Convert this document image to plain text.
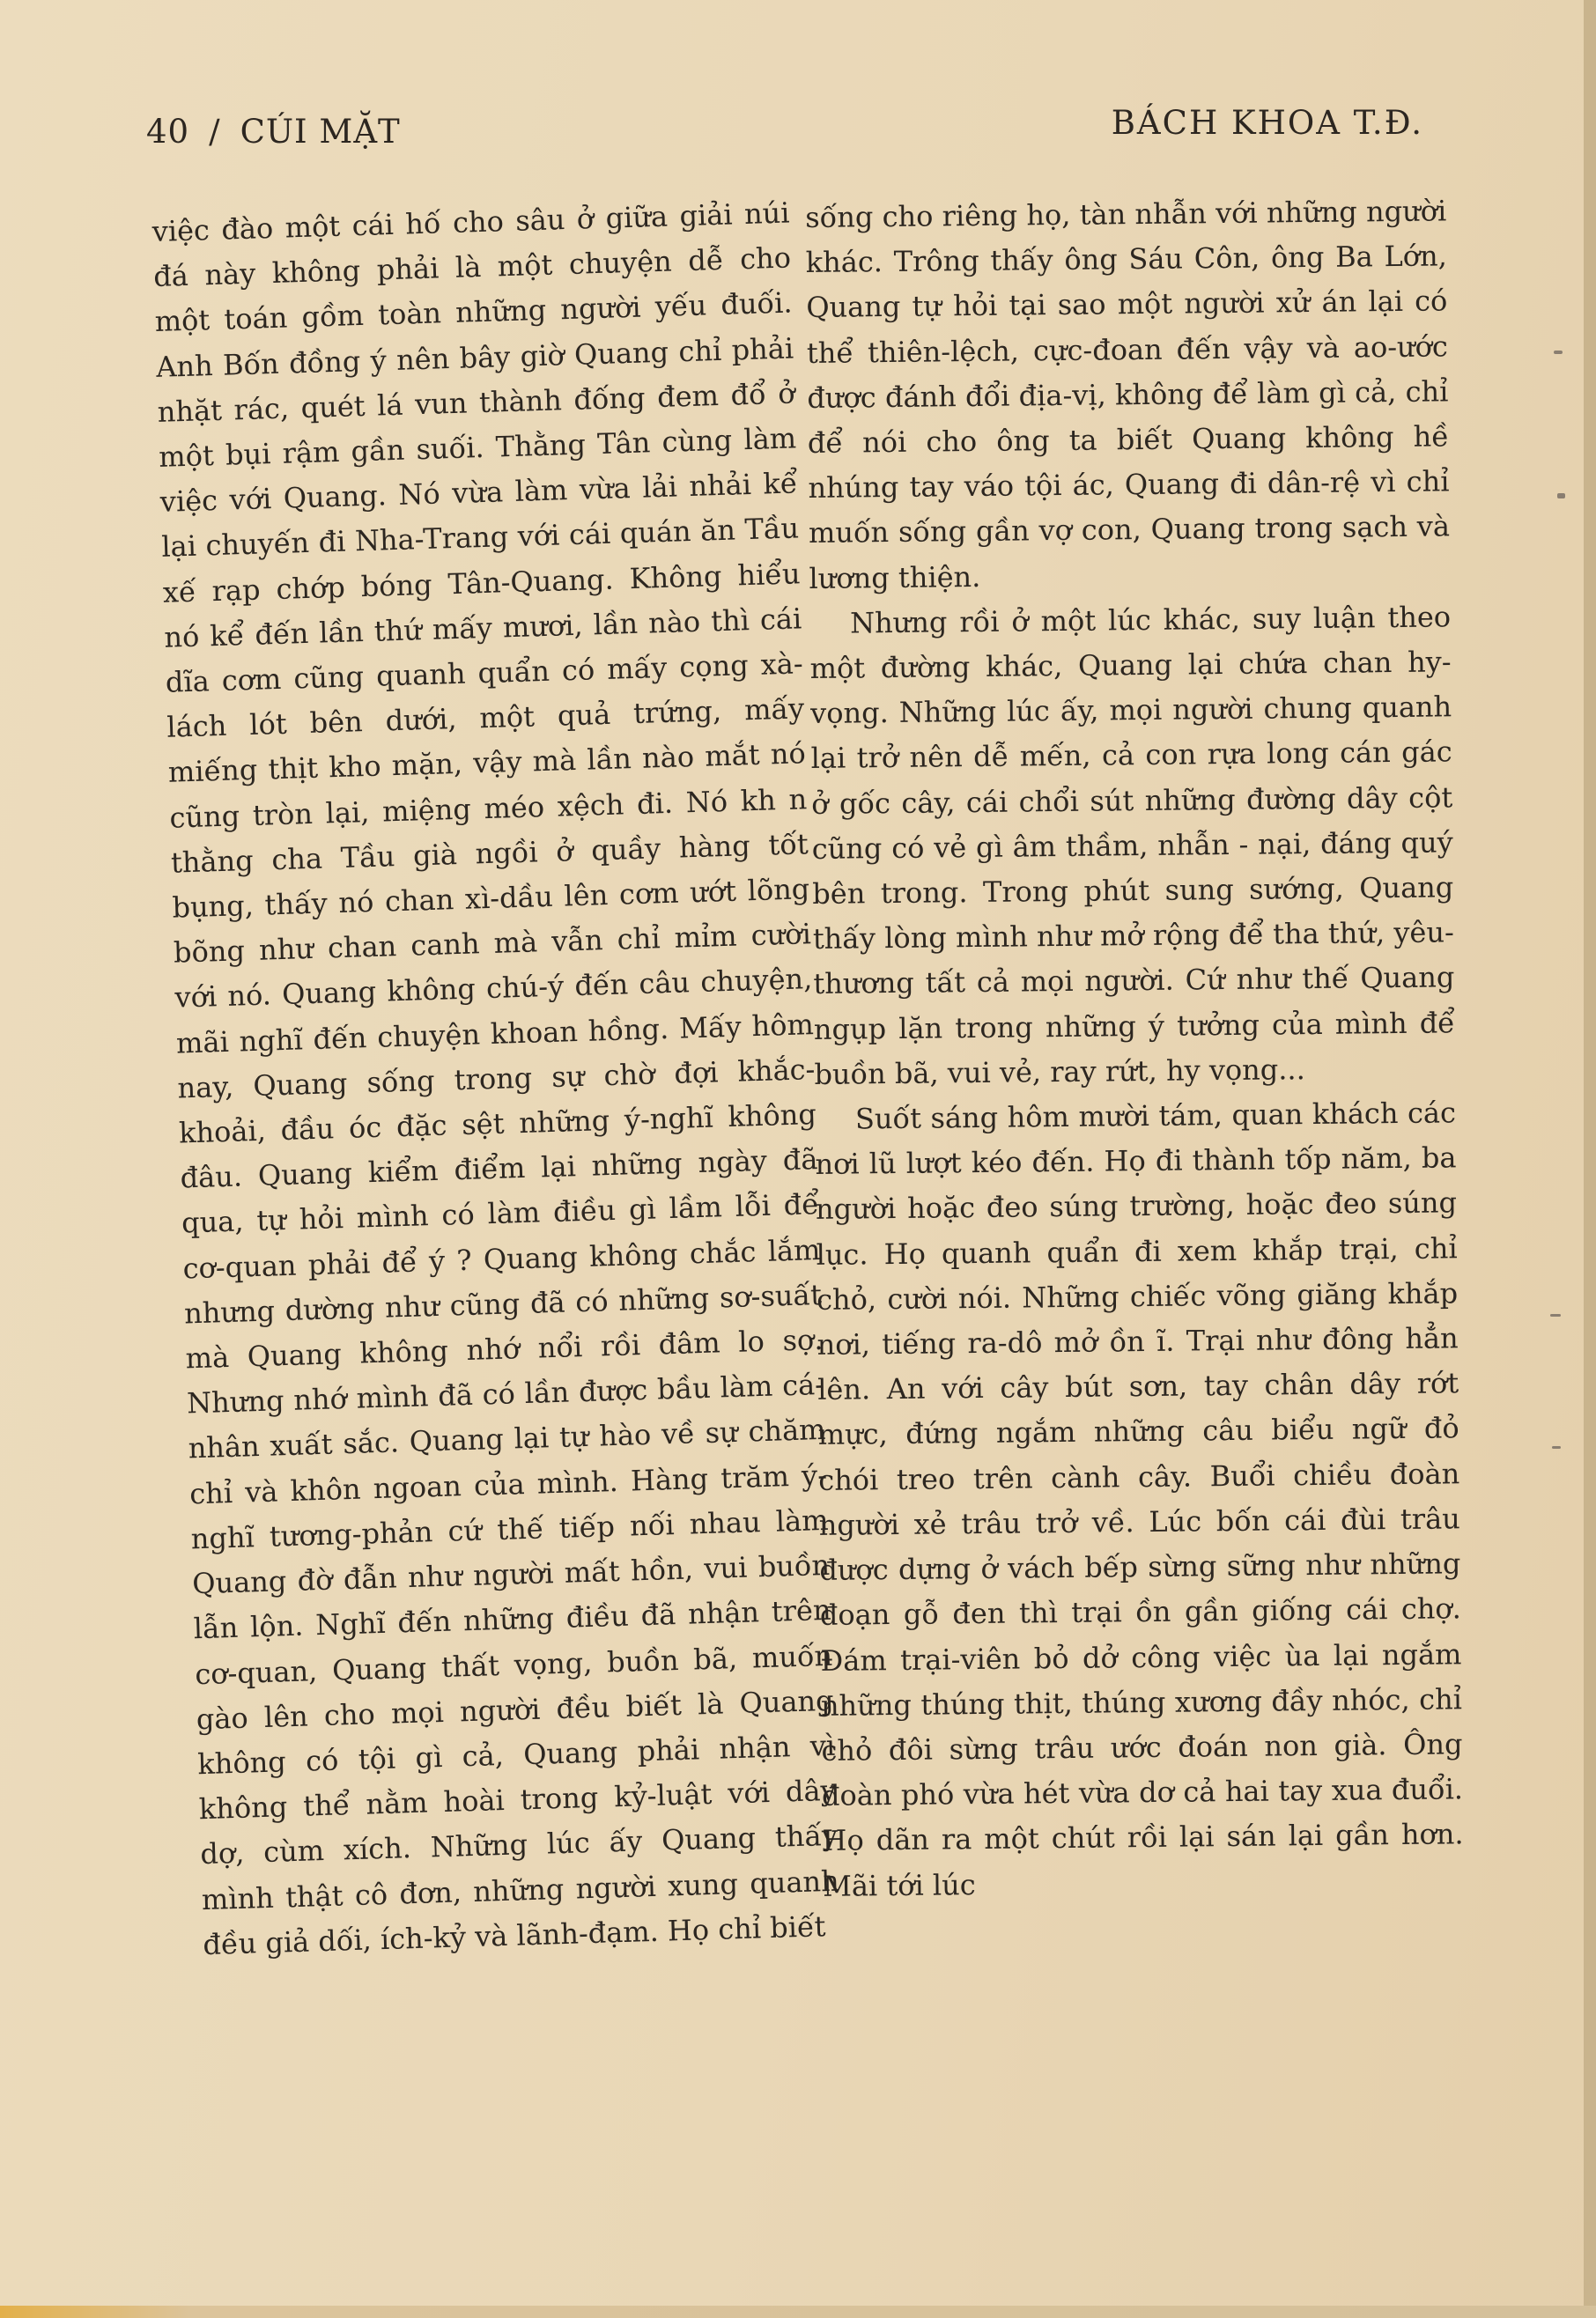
40 / CÚI MẶT	BÁCH KHOA T.Đ.

việc đào một cái hố cho sâu ở giữa giải núi đá này không phải là một chuyện dễ cho một toán gồm toàn những người yếu đuối. Anh Bốn đồng ý nên bây giờ Quang chỉ phải nhặt rác, quét lá vun thành đống đem đổ ở một bụi rậm gần suối. Thằng Tân cùng làm việc với Quang. Nó vừa làm vừa lải nhải kể lại chuyến đi Nha-Trang với cái quán ăn Tầu xế rạp chớp bóng Tân-Quang. Không hiểu nó kể đến lần thứ mấy mươi, lần nào thì cái dĩa cơm cũng quanh quẩn có mấy cọng xà-lách lót bên dưới, một quả trứng, mấy miếng thịt kho mặn, vậy mà lần nào mắt nó cũng tròn lại, miệng méo xệch đi. Nó kh n thằng cha Tầu già ngồi ở quầy hàng tốt bụng, thấy nó chan xì-dầu lên cơm ướt lõng bõng như chan canh mà vẫn chỉ mỉm cười với nó. Quang không chú-ý đến câu chuyện, mãi nghĩ đến chuyện khoan hồng. Mấy hôm nay, Quang sống trong sự chờ đợi khắc-khoải, đầu óc đặc sệt những ý-nghĩ không đâu. Quang kiểm điểm lại những ngày đã qua, tự hỏi mình có làm điều gì lầm lỗi để cơ-quan phải để ý ? Quang không chắc lắm nhưng dường như cũng đã có những sơ-suất mà Quang không nhớ nổi rồi đâm lo sợ. Nhưng nhớ mình đã có lần được bầu làm cá-nhân xuất sắc. Quang lại tự hào về sự chăm chỉ và khôn ngoan của mình. Hàng trăm ý-nghĩ tương-phản cứ thế tiếp nối nhau làm Quang đờ đẫn như người mất hồn, vui buồn lẫn lộn. Nghĩ đến những điều đã nhận trên cơ-quan, Quang thất vọng, buồn bã, muốn gào lên cho mọi người đều biết là Quang không có tội gì cả, Quang phải nhận vì không thể nằm hoài trong kỷ-luật với dây dợ, cùm xích. Những lúc ấy Quang thấy mình thật cô đơn, những người xung quanh đều giả dối, ích-kỷ và lãnh-đạm. Họ chỉ biết

sống cho riêng họ, tàn nhẫn với những người khác. Trông thấy ông Sáu Côn, ông Ba Lớn, Quang tự hỏi tại sao một người xử án lại có thể thiên-lệch, cực-đoan đến vậy và ao-ước được đánh đổi địa-vị, không để làm gì cả, chỉ để nói cho ông ta biết Quang không hề nhúng tay váo tội ác, Quang đi dân-rệ vì chỉ muốn sống gần vợ con, Quang trong sạch và lương thiện.

Nhưng rồi ở một lúc khác, suy luận theo một đường khác, Quang lại chứa chan hy-vọng. Những lúc ấy, mọi người chung quanh lại trở nên dễ mến, cả con rựa long cán gác ở gốc cây, cái chổi sút những đường dây cột cũng có vẻ gì âm thầm, nhẫn - nại, đáng quý bên trong. Trong phút sung sướng, Quang thấy lòng mình như mở rộng để tha thứ, yêu-thương tất cả mọi người. Cứ như thế Quang ngụp lặn trong những ý tưởng của mình để buồn bã, vui vẻ, ray rứt, hy vọng...

Suốt sáng hôm mười tám, quan khách các nơi lũ lượt kéo đến. Họ đi thành tốp năm, ba người hoặc đeo súng trường, hoặc đeo súng lục. Họ quanh quẩn đi xem khắp trại, chỉ chỏ, cười nói. Những chiếc võng giăng khắp nơi, tiếng ra-dô mở ồn ĩ. Trại như đông hẳn lên. An với cây bút sơn, tay chân dây rớt mực, đứng ngắm những câu biểu ngữ đỏ chói treo trên cành cây. Buổi chiều đoàn người xẻ trâu trở về. Lúc bốn cái đùi trâu được dựng ở vách bếp sừng sững như những đoạn gỗ đen thì trại ồn gần giống cái chợ. Đám trại-viên bỏ dở công việc ùa lại ngắm những thúng thịt, thúng xương đầy nhóc, chỉ chỏ đôi sừng trâu ước đoán non già. Ông đoàn phó vừa hét vừa dơ cả hai tay xua đuổi. Họ dãn ra một chút rồi lại sán lại gần hơn. Mãi tới lúc
